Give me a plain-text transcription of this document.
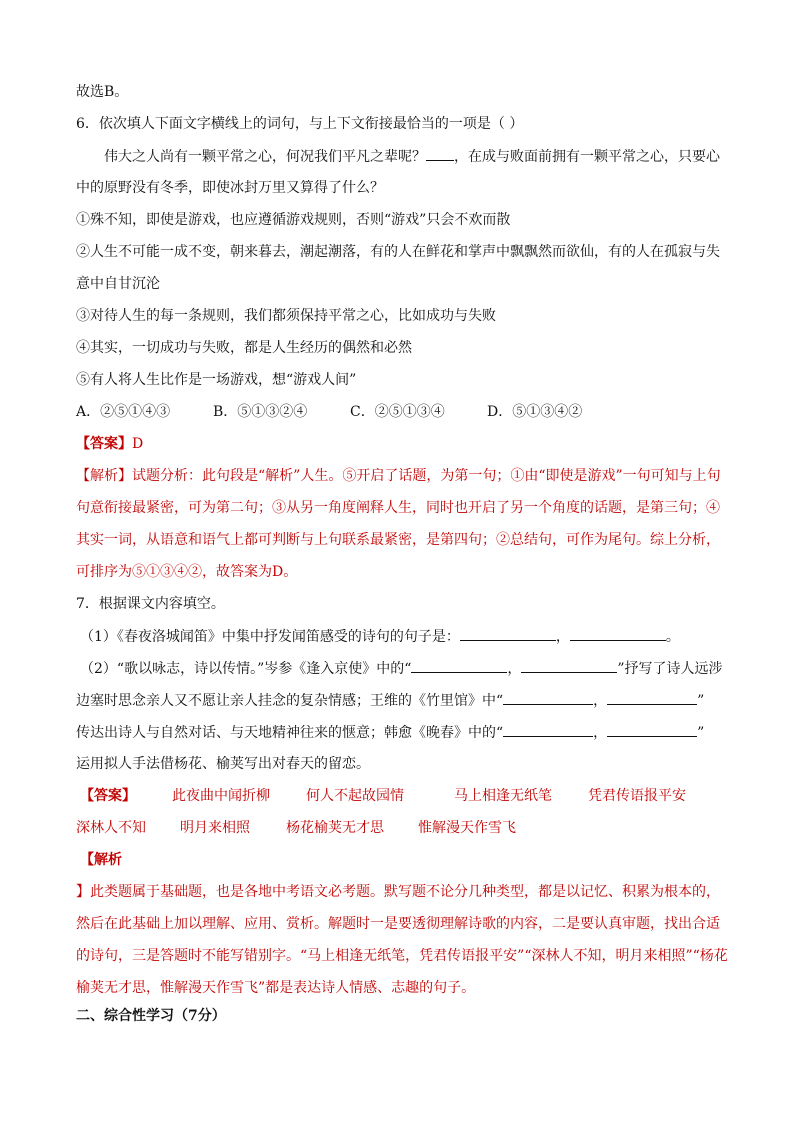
故选B。
6．依次填人下面文字横线上的词句，与上下文衔接最恰当的一项是（ ）
伟大之人尚有一颗平常之心，何况我们平凡之辈呢？ ，在成与败面前拥有一颗平常之心，只要心
中的原野没有冬季，即使冰封万里又算得了什么？
①殊不知，即使是游戏，也应遵循游戏规则，否则“游戏”只会不欢而散
②人生不可能一成不变，朝来暮去，潮起潮落，有的人在鲜花和掌声中飘飘然而欲仙，有的人在孤寂与失
意中自甘沉沦
③对待人生的每一条规则，我们都须保持平常之心，比如成功与失败
④其实，一切成功与失败，都是人生经历的偶然和必然
⑤有人将人生比作是一场游戏，想“游戏人间”
A．②⑤①④③	B．⑤①③②④	C．②⑤①③④	D．⑤①③④②
【答案】D
【解析】试题分析：此句段是“解析”人生。⑤开启了话题，为第一句；①由“即使是游戏”一句可知与上句
句意衔接最紧密，可为第二句；③从另一角度阐释人生，同时也开启了另一个角度的话题，是第三句；④
其实一词，从语意和语气上都可判断与上句联系最紧密，是第四句；②总结句，可作为尾句。综上分析，
可排序为⑤①③④②，故答案为D。
7．根据课文内容填空。
（1）《春夜洛城闻笛》中集中抒发闻笛感受的诗句的句子是：	，	。
（2）“歌以咏志，诗以传情。”岑参《逢入京使》中的“	，	”抒写了诗人远涉
边塞时思念亲人又不愿让亲人挂念的复杂情感；王维的《竹里馆》中“	，	”
传达出诗人与自然对话、与天地精神往来的惬意；韩愈《晚春》中的“	，	”
运用拟人手法借杨花、榆荚写出对春天的留恋。
【答案】	此夜曲中闻折柳	何人不起故园情	马上相逢无纸笔	凭君传语报平安
深林人不知 明月来相照	杨花榆荚无才思 惟解漫天作雪飞
【解析
】此类题属于基础题，也是各地中考语文必考题。默写题不论分几种类型，都是以记忆、积累为根本的，
然后在此基础上加以理解、应用、赏析。解题时一是要透彻理解诗歌的内容，二是要认真审题，找出合适
的诗句，三是答题时不能写错别字。“马上相逢无纸笔，凭君传语报平安”“深林人不知，明月来相照”“杨花
榆荚无才思，惟解漫天作雪飞”都是表达诗人情感、志趣的句子。
二、综合性学习（7分）
